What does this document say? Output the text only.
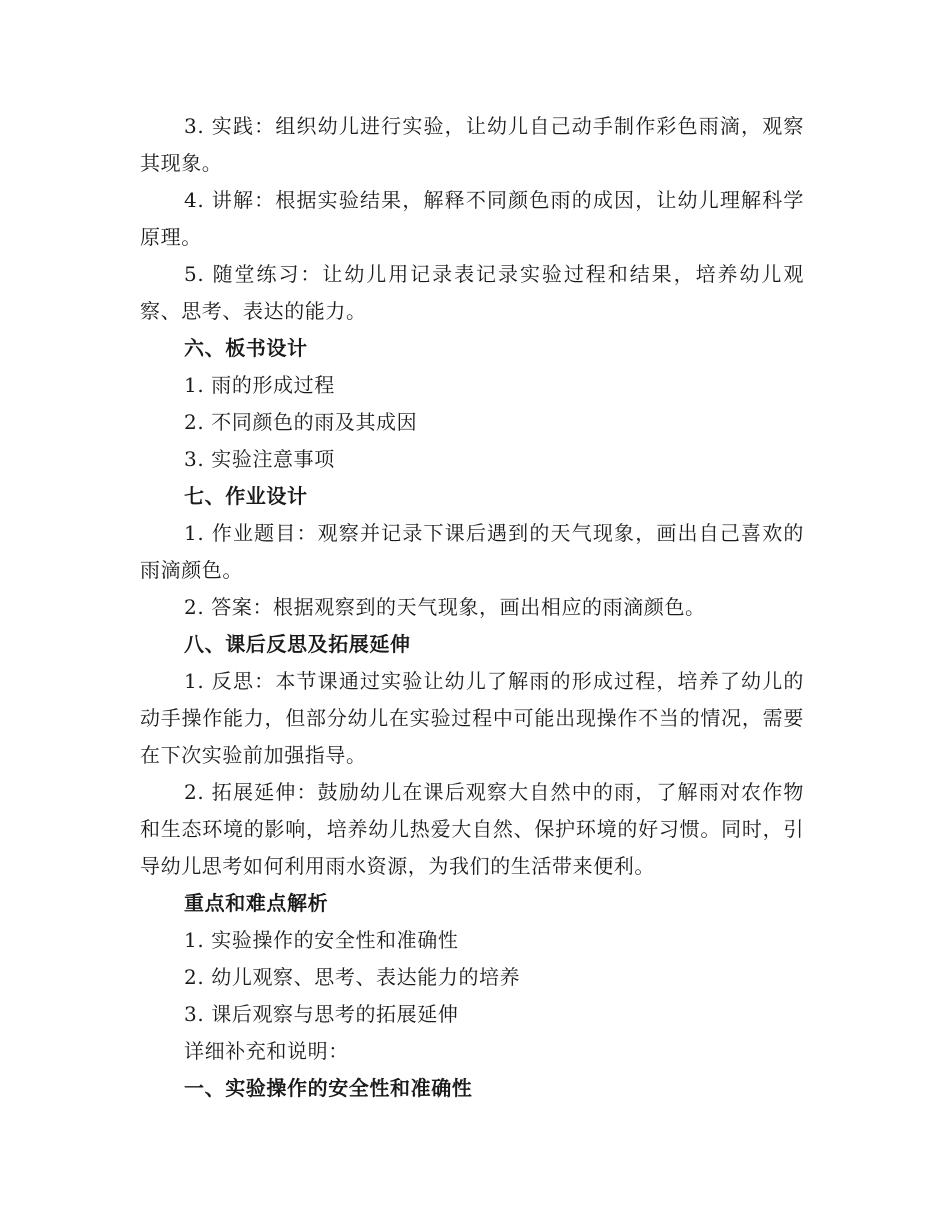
3. 实践：组织幼儿进行实验，让幼儿自己动手制作彩色雨滴，观察其现象。

4. 讲解：根据实验结果，解释不同颜色雨的成因，让幼儿理解科学原理。

5. 随堂练习：让幼儿用记录表记录实验过程和结果，培养幼儿观察、思考、表达的能力。

六、板书设计

1. 雨的形成过程

2. 不同颜色的雨及其成因

3. 实验注意事项

七、作业设计

1. 作业题目：观察并记录下课后遇到的天气现象，画出自己喜欢的雨滴颜色。

2. 答案：根据观察到的天气现象，画出相应的雨滴颜色。

八、课后反思及拓展延伸

1. 反思：本节课通过实验让幼儿了解雨的形成过程，培养了幼儿的动手操作能力，但部分幼儿在实验过程中可能出现操作不当的情况，需要在下次实验前加强指导。

2. 拓展延伸：鼓励幼儿在课后观察大自然中的雨，了解雨对农作物和生态环境的影响，培养幼儿热爱大自然、保护环境的好习惯。同时，引导幼儿思考如何利用雨水资源，为我们的生活带来便利。

重点和难点解析

1. 实验操作的安全性和准确性

2. 幼儿观察、思考、表达能力的培养

3. 课后观察与思考的拓展延伸

详细补充和说明：

一、实验操作的安全性和准确性
